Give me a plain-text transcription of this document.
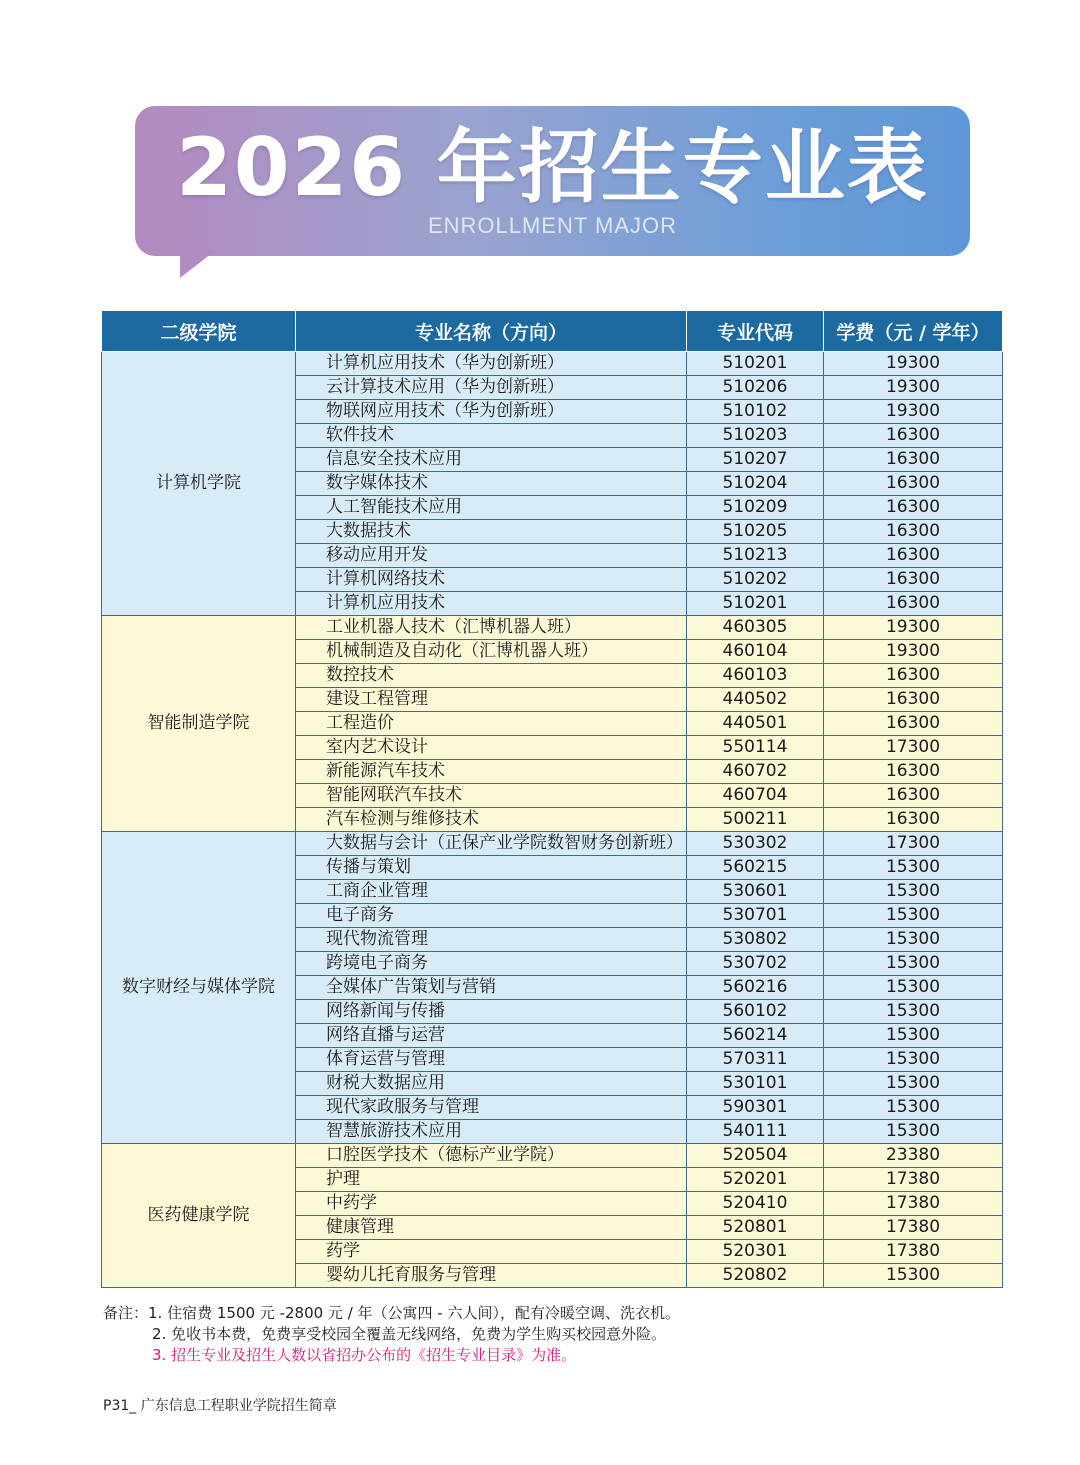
2026 年招生专业表
ENROLLMENT MAJOR
二级学院	专业名称（方向）	专业代码	学费（元 / 学年）
计算机学院	计算机应用技术（华为创新班）	510201	19300
	云计算技术应用（华为创新班）	510206	19300
	物联网应用技术（华为创新班）	510102	19300
	软件技术	510203	16300
	信息安全技术应用	510207	16300
	数字媒体技术	510204	16300
	人工智能技术应用	510209	16300
	大数据技术	510205	16300
	移动应用开发	510213	16300
	计算机网络技术	510202	16300
	计算机应用技术	510201	16300
智能制造学院	工业机器人技术（汇博机器人班）	460305	19300
	机械制造及自动化（汇博机器人班）	460104	19300
	数控技术	460103	16300
	建设工程管理	440502	16300
	工程造价	440501	16300
	室内艺术设计	550114	17300
	新能源汽车技术	460702	16300
	智能网联汽车技术	460704	16300
	汽车检测与维修技术	500211	16300
数字财经与媒体学院	大数据与会计（正保产业学院数智财务创新班）	530302	17300
	传播与策划	560215	15300
	工商企业管理	530601	15300
	电子商务	530701	15300
	现代物流管理	530802	15300
	跨境电子商务	530702	15300
	全媒体广告策划与营销	560216	15300
	网络新闻与传播	560102	15300
	网络直播与运营	560214	15300
	体育运营与管理	570311	15300
	财税大数据应用	530101	15300
	现代家政服务与管理	590301	15300
	智慧旅游技术应用	540111	15300
医药健康学院	口腔医学技术（德标产业学院）	520504	23380
	护理	520201	17380
	中药学	520410	17380
	健康管理	520801	17380
	药学	520301	17380
	婴幼儿托育服务与管理	520802	15300
备注：1. 住宿费 1500 元 -2800 元 / 年（公寓四 - 六人间），配有冷暖空调、洗衣机。
2. 免收书本费，免费享受校园全覆盖无线网络，免费为学生购买校园意外险。
3. 招生专业及招生人数以省招办公布的《招生专业目录》为准。
P31_ 广东信息工程职业学院招生简章
